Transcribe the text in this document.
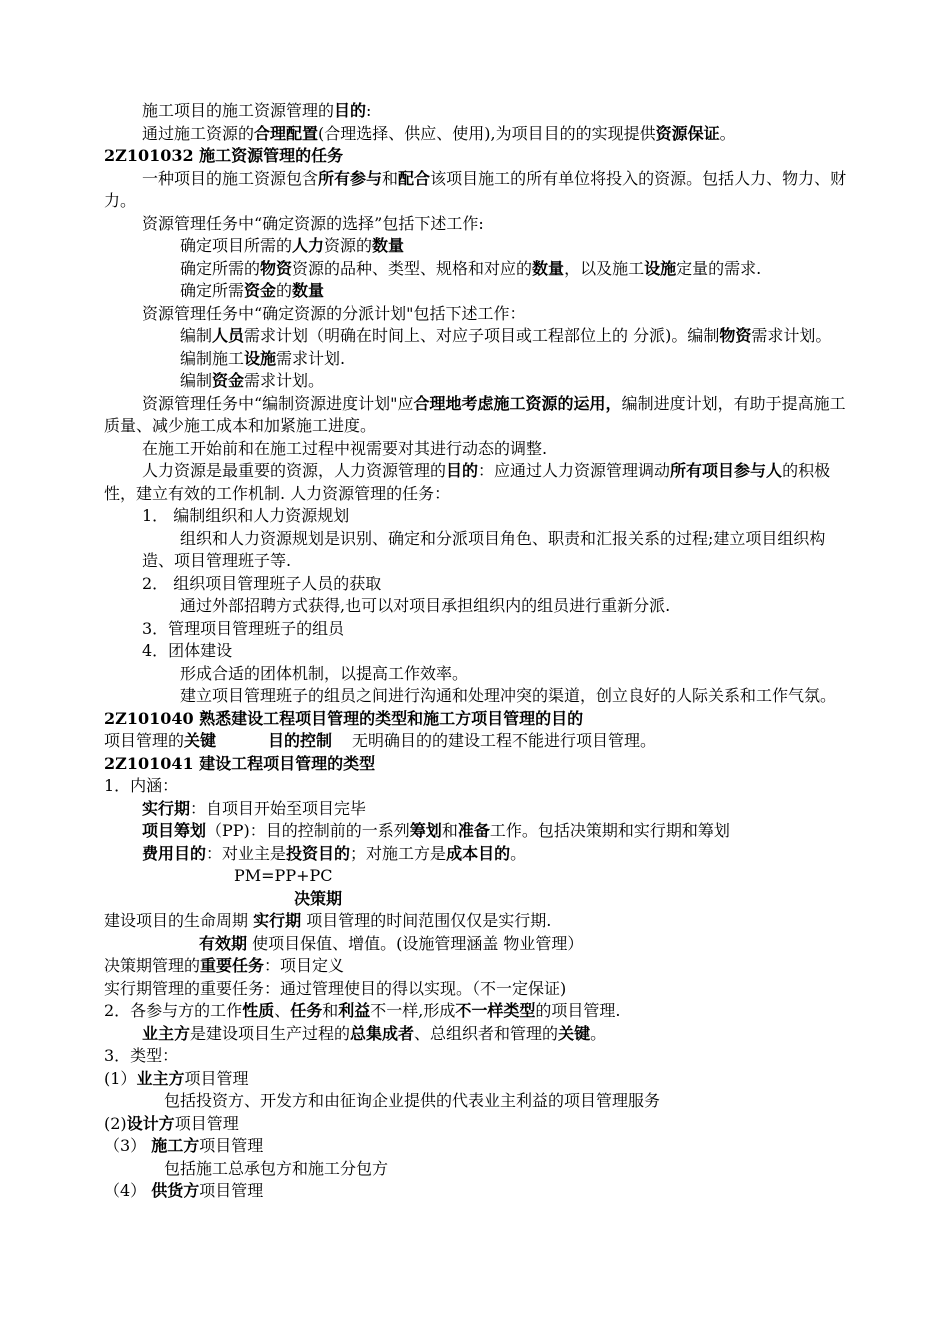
施工项目的施工资源管理的目的:

通过施工资源的合理配置(合理选择、供应、使用),为项目目的的实现提供资源保证。

2Z101032 施工资源管理的任务

一种项目的施工资源包含所有参与和配合该项目施工的所有单位将投入的资源。包括人力、物力、财力。

资源管理任务中“确定资源的选择”包括下述工作:

确定项目所需的人力资源的数量

确定所需的物资资源的品种、类型、规格和对应的数量，以及施工设施定量的需求.

确定所需资金的数量

资源管理任务中“确定资源的分派计划"包括下述工作：

编制人员需求计划（明确在时间上、对应子项目或工程部位上的 分派)。编制物资需求计划。

编制施工设施需求计划.

编制资金需求计划。

资源管理任务中“编制资源进度计划"应合理地考虑施工资源的运用，编制进度计划，有助于提高施工质量、减少施工成本和加紧施工进度。

在施工开始前和在施工过程中视需要对其进行动态的调整.

人力资源是最重要的资源，人力资源管理的目的：应通过人力资源管理调动所有项目参与人的积极性，建立有效的工作机制. 人力资源管理的任务：

1． 编制组织和人力资源规划

组织和人力资源规划是识别、确定和分派项目角色、职责和汇报关系的过程;建立项目组织构造、项目管理班子等.

2． 组织项目管理班子人员的获取

通过外部招聘方式获得,也可以对项目承担组织内的组员进行重新分派.

3．管理项目管理班子的组员

4．团体建设

形成合适的团体机制，以提高工作效率。

建立项目管理班子的组员之间进行沟通和处理冲突的渠道，创立良好的人际关系和工作气氛。

2Z101040 熟悉建设工程项目管理的类型和施工方项目管理的目的

项目管理的关键	目的控制 无明确目的的建设工程不能进行项目管理。

2Z101041 建设工程项目管理的类型

1．内涵：

实行期：自项目开始至项目完毕

项目筹划（PP)：目的控制前的一系列筹划和准备工作。包括决策期和实行期和筹划

费用目的：对业主是投资目的；对施工方是成本目的。

PM=PP+PC

决策期

建设项目的生命周期 实行期 项目管理的时间范围仅仅是实行期.

有效期 使项目保值、增值。(设施管理涵盖 物业管理）

决策期管理的重要任务：项目定义

实行期管理的重要任务：通过管理使目的得以实现。（不一定保证)

2．各参与方的工作性质、任务和利益不一样,形成不一样类型的项目管理.

业主方是建设项目生产过程的总集成者、总组织者和管理的关键。

3．类型：

(1）业主方项目管理

包括投资方、开发方和由征询企业提供的代表业主利益的项目管理服务

(2)设计方项目管理

（3） 施工方项目管理

包括施工总承包方和施工分包方

（4） 供货方项目管理
